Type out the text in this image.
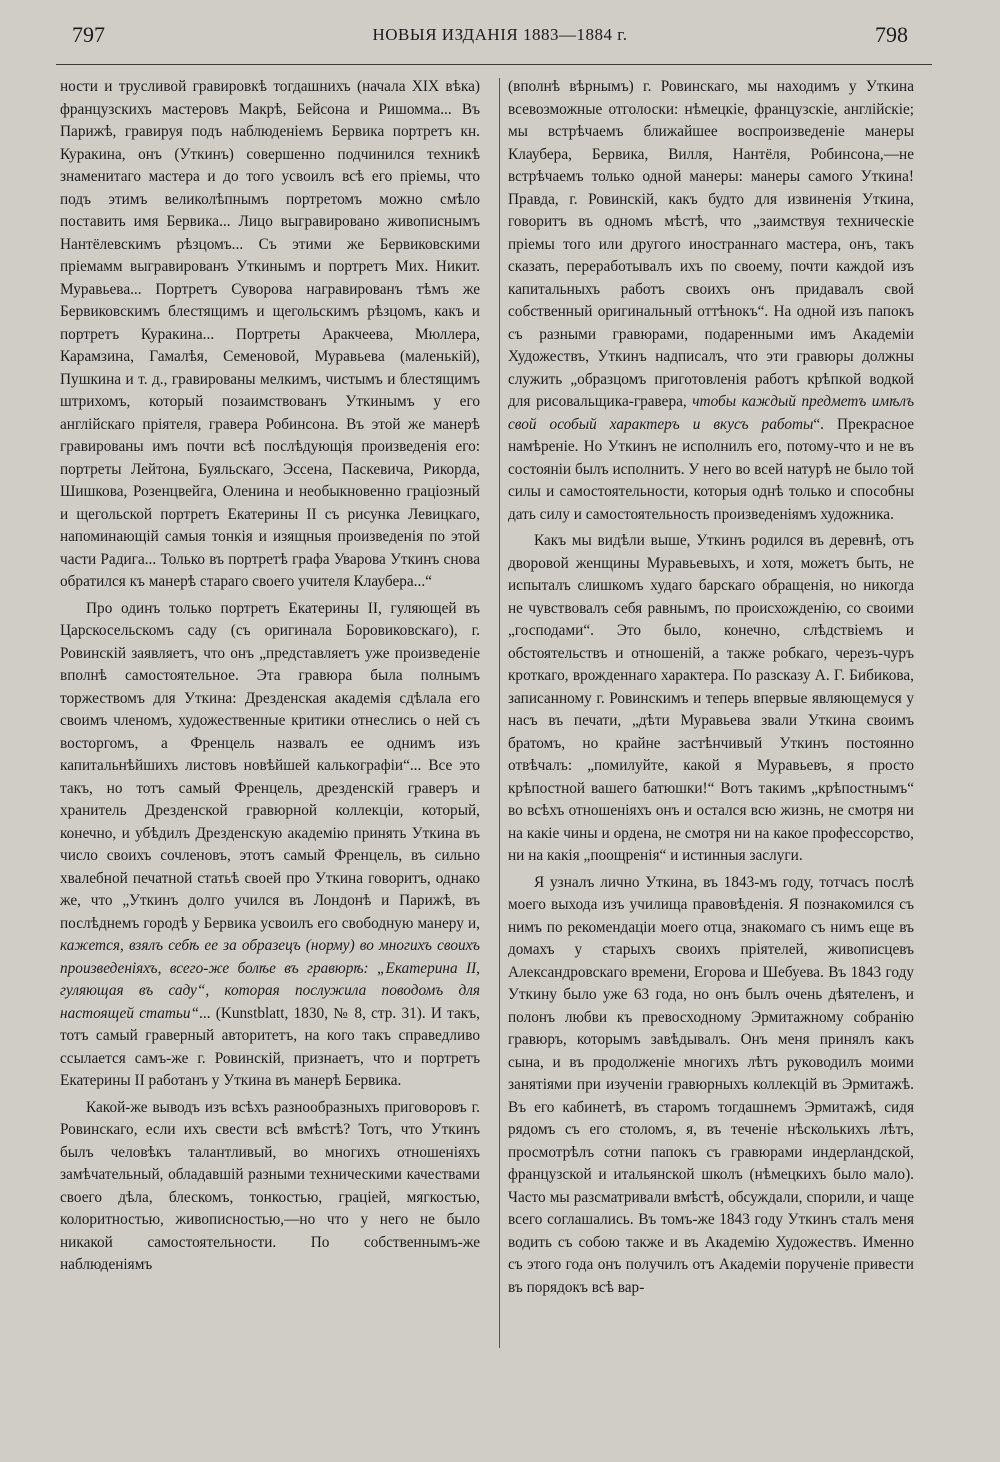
797	НОВЫЯ ИЗДАНІЯ 1883—1884 г.	798

ности и трусливой гравировкѣ тогдашнихъ (начала XIX вѣка) французскихъ мастеровъ Макрѣ, Бейсона и Ришомма... Въ Парижѣ, гравируя подъ наблюденіемъ Бервика портретъ кн. Куракина, онъ (Уткинъ) совершенно подчинился техникѣ знаменитаго мастера и до того усвоилъ всѣ его пріемы, что подъ этимъ великолѣпнымъ портретомъ можно смѣло поставить имя Бервика... Лицо выгравировано живописнымъ Нантёлевскимъ рѣзцомъ... Съ этими же Бервиковскими пріемамм выгравированъ Уткинымъ и портретъ Мих. Никит. Муравьева... Портретъ Суворова награвированъ тѣмъ же Бервиковскимъ блестящимъ и щегольскимъ рѣзцомъ, какъ и портретъ Куракина... Портреты Аракчеева, Мюллера, Карамзина, Гамалѣя, Семеновой, Муравьева (маленькій), Пушкина и т. д., гравированы мелкимъ, чистымъ и блестящимъ штрихомъ, который позаимствованъ Уткинымъ у его англійскаго пріятеля, гравера Робинсона. Въ этой же манерѣ гравированы имъ почти всѣ послѣдующія произведенія его: портреты Лейтона, Буяльскаго, Эссена, Паскевича, Рикорда, Шишкова, Розенцвейга, Оленина и необыкновенно граціозный и щегольской портретъ Екатерины II съ рисунка Левицкаго, напоминающій самыя тонкія и изящныя произведенія по этой части Радига... Только въ портретѣ графа Уварова Уткинъ снова обратился къ манерѣ стараго своего учителя Клаубера...“

Про одинъ только портретъ Екатерины II, гуляющей въ Царскосельскомъ саду (съ оригинала Боровиковскаго), г. Ровинскій заявляетъ, что онъ „представляетъ уже произведеніе вполнѣ самостоятельное. Эта гравюра была полнымъ торжествомъ для Уткина: Дрезденская академія сдѣлала его своимъ членомъ, художественные критики отнеслись о ней съ восторгомъ, а Френцель назвалъ ее однимъ изъ капитальнѣйшихъ листовъ новѣйшей калькографіи“... Все это такъ, но тотъ самый Френцель, дрезденскій граверъ и хранитель Дрезденской гравюрной коллекціи, который, конечно, и убѣдилъ Дрезденскую академію принять Уткина въ число своихъ сочленовъ, этотъ самый Френцель, въ сильно хвалебной печатной статьѣ своей про Уткина говоритъ, однако же, что „Уткинъ долго учился въ Лондонѣ и Парижѣ, въ послѣднемъ городѣ у Бервика усвоилъ его свободную манеру и, кажется, взялъ себѣ ее за образецъ (норму) во многихъ своихъ произведеніяхъ, всего-же болѣе въ гравюрѣ: „Екатерина II, гуляющая въ саду“, которая послужила поводомъ для настоящей статьи“... (Kunstblatt, 1830, № 8, стр. 31). И такъ, тотъ самый граверный авторитетъ, на кого такъ справедливо ссылается самъ-же г. Ровинскій, признаетъ, что и портретъ Екатерины II работанъ у Уткина въ манерѣ Бервика.

Какой-же выводъ изъ всѣхъ разнообразныхъ приговоровъ г. Ровинскаго, если ихъ свести всѣ вмѣстѣ? Тотъ, что Уткинъ былъ человѣкъ талантливый, во многихъ отношеніяхъ замѣчательный, обладавшій разными техническими качествами своего дѣла, блескомъ, тонкостью, граціей, мягкостью, колоритностью, живописностью,—но что у него не было никакой самостоятельности. По собственнымъ-же наблюденіямъ

(вполнѣ вѣрнымъ) г. Ровинскаго, мы находимъ у Уткина всевозможные отголоски: нѣмецкіе, французскіе, англійскіе; мы встрѣчаемъ ближайшее воспроизведеніе манеры Клаубера, Бервика, Вилля, Нантёля, Робинсона,—не встрѣчаемъ только одной манеры: манеры самого Уткина! Правда, г. Ровинскій, какъ будто для извиненія Уткина, говоритъ въ одномъ мѣстѣ, что „заимствуя техническіе пріемы того или другого иностраннаго мастера, онъ, такъ сказать, переработывалъ ихъ по своему, почти каждой изъ капитальныхъ работъ своихъ онъ придавалъ свой собственный оригинальный оттѣнокъ“. На одной изъ папокъ съ разными гравюрами, подаренными имъ Академіи Художествъ, Уткинъ надписалъ, что эти гравюры должны служить „образцомъ приготовленія работъ крѣпкой водкой для рисовальщика-гравера, чтобы каждый предметъ имѣлъ свой особый характеръ и вкусъ работы“. Прекрасное намѣреніе. Но Уткинъ не исполнилъ его, потому-что и не въ состояніи былъ исполнить. У него во всей натурѣ не было той силы и самостоятельности, которыя однѣ только и способны дать силу и самостоятельность произведеніямъ художника.

Какъ мы видѣли выше, Уткинъ родился въ деревнѣ, отъ дворовой женщины Муравьевыхъ, и хотя, можетъ быть, не испыталъ слишкомъ худаго барскаго обращенія, но никогда не чувствовалъ себя равнымъ, по происхожденію, со своими „господами“. Это было, конечно, слѣдствіемъ и обстоятельствъ и отношеній, а также робкаго, черезъ-чуръ кроткаго, врожденнаго характера. По разсказу А. Г. Бибикова, записанному г. Ровинскимъ и теперь впервые являющемуся у насъ въ печати, „дѣти Муравьева звали Уткина своимъ братомъ, но крайне застѣнчивый Уткинъ постоянно отвѣчалъ: „помилуйте, какой я Муравьевъ, я просто крѣпостной вашего батюшки!“ Вотъ такимъ „крѣпостнымъ“ во всѣхъ отношеніяхъ онъ и остался всю жизнь, не смотря ни на какіе чины и ордена, не смотря ни на какое профессорство, ни на какія „поощренія“ и истинныя заслуги.

Я узналъ лично Уткина, въ 1843-мъ году, тотчасъ послѣ моего выхода изъ училища правовѣденія. Я познакомился съ нимъ по рекомендаціи моего отца, знакомаго съ нимъ еще въ домахъ у старыхъ своихъ пріятелей, живописцевъ Александровскаго времени, Егорова и Шебуева. Въ 1843 году Уткину было уже 63 года, но онъ былъ очень дѣятеленъ, и полонъ любви къ превосходному Эрмитажному собранію гравюръ, которымъ завѣдывалъ. Онъ меня принялъ какъ сына, и въ продолженіе многихъ лѣтъ руководилъ моими занятіями при изученіи гравюрныхъ коллекцій въ Эрмитажѣ. Въ его кабинетѣ, въ старомъ тогдашнемъ Эрмитажѣ, сидя рядомъ съ его столомъ, я, въ теченіе нѣсколькихъ лѣтъ, просмотрѣлъ сотни папокъ съ гравюрами индерландской, французской и итальянской школъ (нѣмецкихъ было мало). Часто мы разсматривали вмѣстѣ, обсуждали, спорили, и чаще всего соглашались. Въ томъ-же 1843 году Уткинъ сталъ меня водить съ собою также и въ Академію Художествъ. Именно съ этого года онъ получилъ отъ Академіи порученіе привести въ порядокъ всѣ вар-
